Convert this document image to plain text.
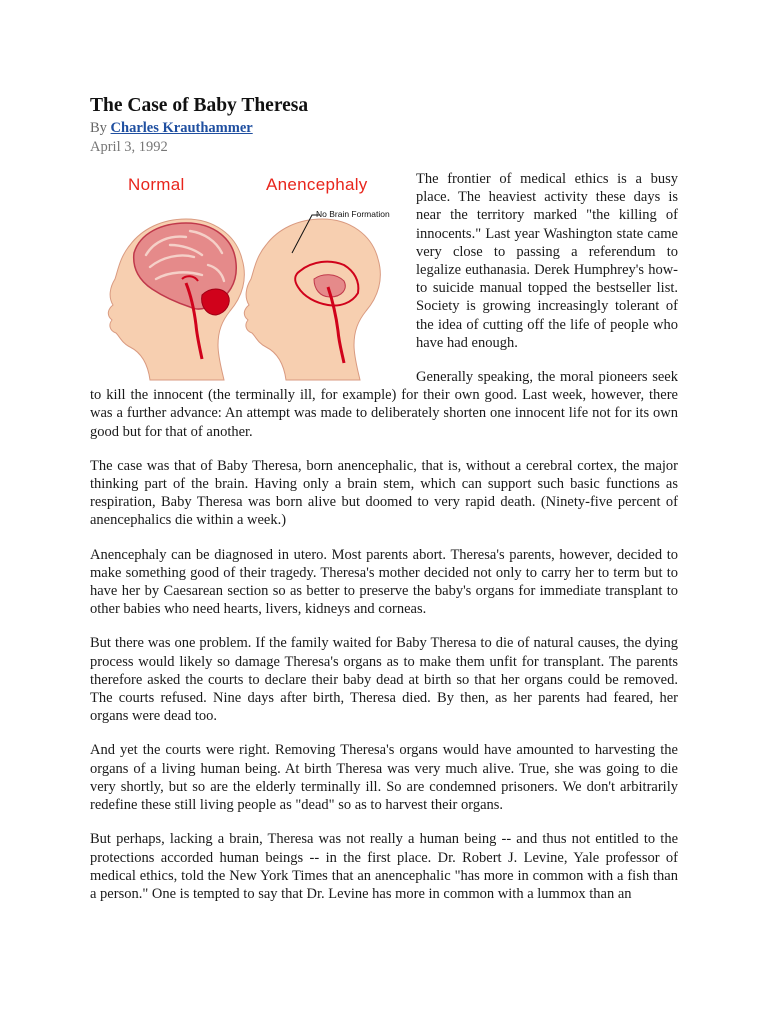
The Case of Baby Theresa
By Charles Krauthammer
April 3, 1992
Normal	Anencephaly
No Brain Formation

The frontier of medical ethics is a busy place. The heaviest activity these days is near the territory marked "the killing of innocents." Last year Washington state came very close to passing a referendum to legalize euthanasia. Derek Humphrey's how-to suicide manual topped the bestseller list. Society is growing increasingly tolerant of the idea of cutting off the life of people who have had enough.

Generally speaking, the moral pioneers seek to kill the innocent (the terminally ill, for example) for their own good. Last week, however, there was a further advance: An attempt was made to deliberately shorten one innocent life not for its own good but for that of another.

The case was that of Baby Theresa, born anencephalic, that is, without a cerebral cortex, the major thinking part of the brain. Having only a brain stem, which can support such basic functions as respiration, Baby Theresa was born alive but doomed to very rapid death. (Ninety-five percent of anencephalics die within a week.)

Anencephaly can be diagnosed in utero. Most parents abort. Theresa's parents, however, decided to make something good of their tragedy. Theresa's mother decided not only to carry her to term but to have her by Caesarean section so as better to preserve the baby's organs for immediate transplant to other babies who need hearts, livers, kidneys and corneas.

But there was one problem. If the family waited for Baby Theresa to die of natural causes, the dying process would likely so damage Theresa's organs as to make them unfit for transplant. The parents therefore asked the courts to declare their baby dead at birth so that her organs could be removed. The courts refused. Nine days after birth, Theresa died. By then, as her parents had feared, her organs were dead too.

And yet the courts were right. Removing Theresa's organs would have amounted to harvesting the organs of a living human being. At birth Theresa was very much alive. True, she was going to die very shortly, but so are the elderly terminally ill. So are condemned prisoners. We don't arbitrarily redefine these still living people as "dead" so as to harvest their organs.

But perhaps, lacking a brain, Theresa was not really a human being -- and thus not entitled to the protections accorded human beings -- in the first place. Dr. Robert J. Levine, Yale professor of medical ethics, told the New York Times that an anencephalic "has more in common with a fish than a person." One is tempted to say that Dr. Levine has more in common with a lummox than an
